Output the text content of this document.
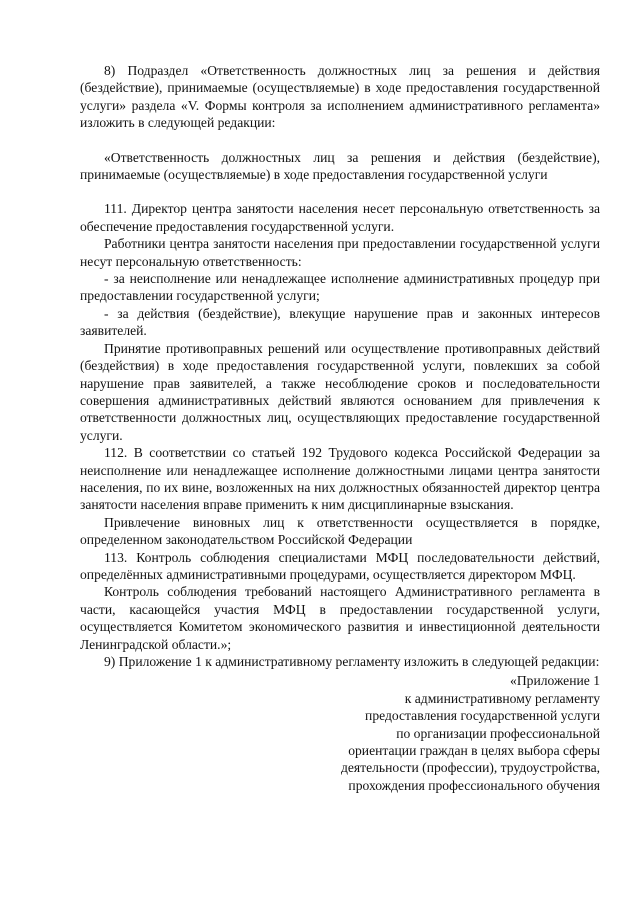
8) Подраздел «Ответственность должностных лиц за решения и действия (бездействие), принимаемые (осуществляемые) в ходе предоставления государственной услуги» раздела «V. Формы контроля за исполнением административного регламента» изложить в следующей редакции:

«Ответственность должностных лиц за решения и действия (бездействие), принимаемые (осуществляемые) в ходе предоставления государственной услуги

111. Директор центра занятости населения несет персональную ответственность за обеспечение предоставления государственной услуги.

Работники центра занятости населения при предоставлении государственной услуги несут персональную ответственность:

- за неисполнение или ненадлежащее исполнение административных процедур при предоставлении государственной услуги;

- за действия (бездействие), влекущие нарушение прав и законных интересов заявителей.

Принятие противоправных решений или осуществление противоправных действий (бездействия) в ходе предоставления государственной услуги, повлекших за собой нарушение прав заявителей, а также несоблюдение сроков и последовательности совершения административных действий являются основанием для привлечения к ответственности должностных лиц, осуществляющих предоставление государственной услуги.

112. В соответствии со статьей 192 Трудового кодекса Российской Федерации за неисполнение или ненадлежащее исполнение должностными лицами центра занятости населения, по их вине, возложенных на них должностных обязанностей директор центра занятости населения вправе применить к ним дисциплинарные взыскания.

Привлечение виновных лиц к ответственности осуществляется в порядке, определенном законодательством Российской Федерации

113. Контроль соблюдения специалистами МФЦ последовательности действий, определённых административными процедурами, осуществляется директором МФЦ.

Контроль соблюдения требований настоящего Административного регламента в части, касающейся участия МФЦ в предоставлении государственной услуги, осуществляется Комитетом экономического развития и инвестиционной деятельности Ленинградской области.»;

9) Приложение 1 к административному регламенту изложить в следующей редакции:

«Приложение 1
к административному регламенту
предоставления государственной услуги
по организации профессиональной
ориентации граждан в целях выбора сферы
деятельности (профессии), трудоустройства,
прохождения профессионального обучения
